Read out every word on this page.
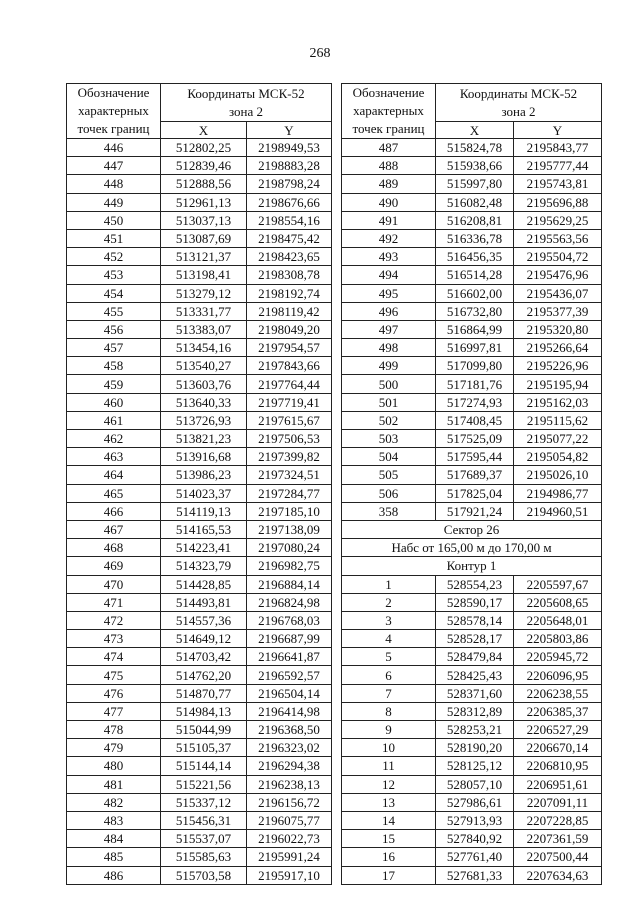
268
Обозначение
характерных
точек границ	Координаты МСК-52
зона 2	
	X	Y
446	512802,25	2198949,53
447	512839,46	2198883,28
448	512888,56	2198798,24
449	512961,13	2198676,66
450	513037,13	2198554,16
451	513087,69	2198475,42
452	513121,37	2198423,65
453	513198,41	2198308,78
454	513279,12	2198192,74
455	513331,77	2198119,42
456	513383,07	2198049,20
457	513454,16	2197954,57
458	513540,27	2197843,66
459	513603,76	2197764,44
460	513640,33	2197719,41
461	513726,93	2197615,67
462	513821,23	2197506,53
463	513916,68	2197399,82
464	513986,23	2197324,51
465	514023,37	2197284,77
466	514119,13	2197185,10
467	514165,53	2197138,09
468	514223,41	2197080,24
469	514323,79	2196982,75
470	514428,85	2196884,14
471	514493,81	2196824,98
472	514557,36	2196768,03
473	514649,12	2196687,99
474	514703,42	2196641,87
475	514762,20	2196592,57
476	514870,77	2196504,14
477	514984,13	2196414,98
478	515044,99	2196368,50
479	515105,37	2196323,02
480	515144,14	2196294,38
481	515221,56	2196238,13
482	515337,12	2196156,72
483	515456,31	2196075,77
484	515537,07	2196022,73
485	515585,63	2195991,24
486	515703,58	2195917,10
Обозначение
характерных
точек границ	Координаты МСК-52
зона 2	
	X	Y
487	515824,78	2195843,77
488	515938,66	2195777,44
489	515997,80	2195743,81
490	516082,48	2195696,88
491	516208,81	2195629,25
492	516336,78	2195563,56
493	516456,35	2195504,72
494	516514,28	2195476,96
495	516602,00	2195436,07
496	516732,80	2195377,39
497	516864,99	2195320,80
498	516997,81	2195266,64
499	517099,80	2195226,96
500	517181,76	2195195,94
501	517274,93	2195162,03
502	517408,45	2195115,62
503	517525,09	2195077,22
504	517595,44	2195054,82
505	517689,37	2195026,10
506	517825,04	2194986,77
358	517921,24	2194960,51
Сектор 26		
Набс от 165,00 м до 170,00 м		
Контур 1		
1	528554,23	2205597,67
2	528590,17	2205608,65
3	528578,14	2205648,01
4	528528,17	2205803,86
5	528479,84	2205945,72
6	528425,43	2206096,95
7	528371,60	2206238,55
8	528312,89	2206385,37
9	528253,21	2206527,29
10	528190,20	2206670,14
11	528125,12	2206810,95
12	528057,10	2206951,61
13	527986,61	2207091,11
14	527913,93	2207228,85
15	527840,92	2207361,59
16	527761,40	2207500,44
17	527681,33	2207634,63
